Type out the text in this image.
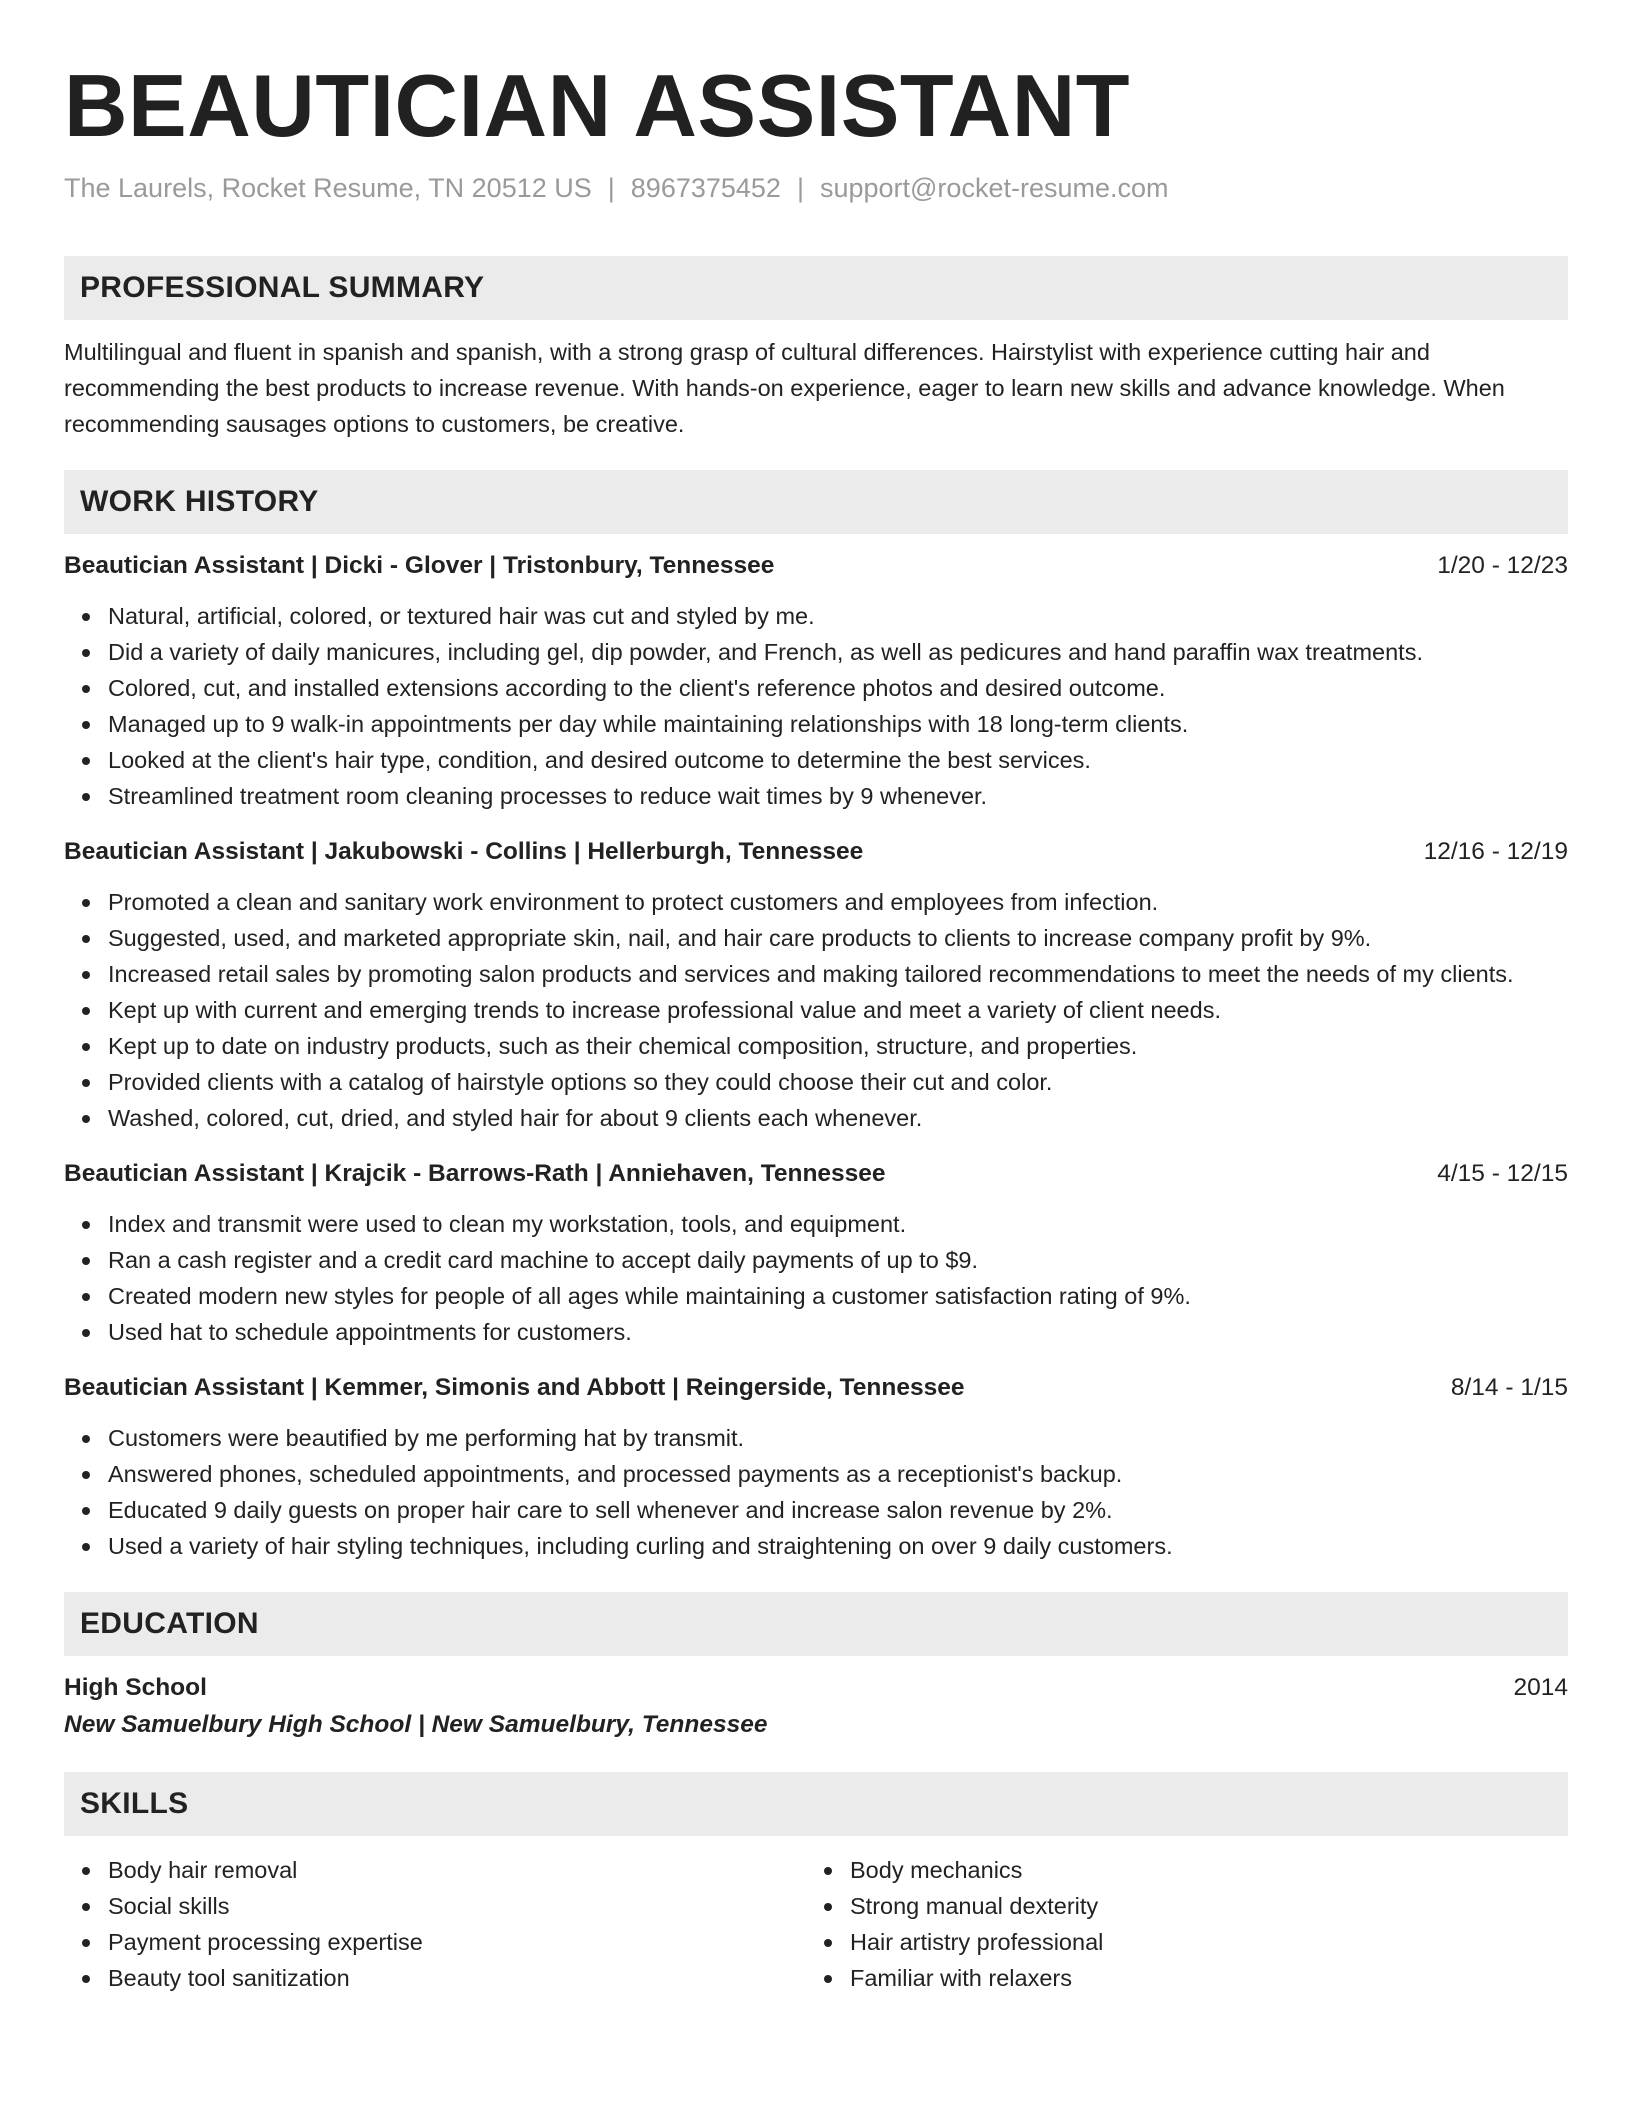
BEAUTICIAN ASSISTANT
The Laurels, Rocket Resume, TN 20512 US | 8967375452 | support@rocket-resume.com
PROFESSIONAL SUMMARY
Multilingual and fluent in spanish and spanish, with a strong grasp of cultural differences. Hairstylist with experience cutting hair and recommending the best products to increase revenue. With hands-on experience, eager to learn new skills and advance knowledge. When recommending sausages options to customers, be creative.
WORK HISTORY
Beautician Assistant | Dicki - Glover | Tristonbury, Tennessee	1/20 - 12/23
Natural, artificial, colored, or textured hair was cut and styled by me.
Did a variety of daily manicures, including gel, dip powder, and French, as well as pedicures and hand paraffin wax treatments.
Colored, cut, and installed extensions according to the client's reference photos and desired outcome.
Managed up to 9 walk-in appointments per day while maintaining relationships with 18 long-term clients.
Looked at the client's hair type, condition, and desired outcome to determine the best services.
Streamlined treatment room cleaning processes to reduce wait times by 9 whenever.
Beautician Assistant | Jakubowski - Collins | Hellerburgh, Tennessee	12/16 - 12/19
Promoted a clean and sanitary work environment to protect customers and employees from infection.
Suggested, used, and marketed appropriate skin, nail, and hair care products to clients to increase company profit by 9%.
Increased retail sales by promoting salon products and services and making tailored recommendations to meet the needs of my clients.
Kept up with current and emerging trends to increase professional value and meet a variety of client needs.
Kept up to date on industry products, such as their chemical composition, structure, and properties.
Provided clients with a catalog of hairstyle options so they could choose their cut and color.
Washed, colored, cut, dried, and styled hair for about 9 clients each whenever.
Beautician Assistant | Krajcik - Barrows-Rath | Anniehaven, Tennessee	4/15 - 12/15
Index and transmit were used to clean my workstation, tools, and equipment.
Ran a cash register and a credit card machine to accept daily payments of up to $9.
Created modern new styles for people of all ages while maintaining a customer satisfaction rating of 9%.
Used hat to schedule appointments for customers.
Beautician Assistant | Kemmer, Simonis and Abbott | Reingerside, Tennessee	8/14 - 1/15
Customers were beautified by me performing hat by transmit.
Answered phones, scheduled appointments, and processed payments as a receptionist's backup.
Educated 9 daily guests on proper hair care to sell whenever and increase salon revenue by 2%.
Used a variety of hair styling techniques, including curling and straightening on over 9 daily customers.
EDUCATION
High School	2014
New Samuelbury High School | New Samuelbury, Tennessee
SKILLS
Body hair removal
Social skills
Payment processing expertise
Beauty tool sanitization
Body mechanics
Strong manual dexterity
Hair artistry professional
Familiar with relaxers
